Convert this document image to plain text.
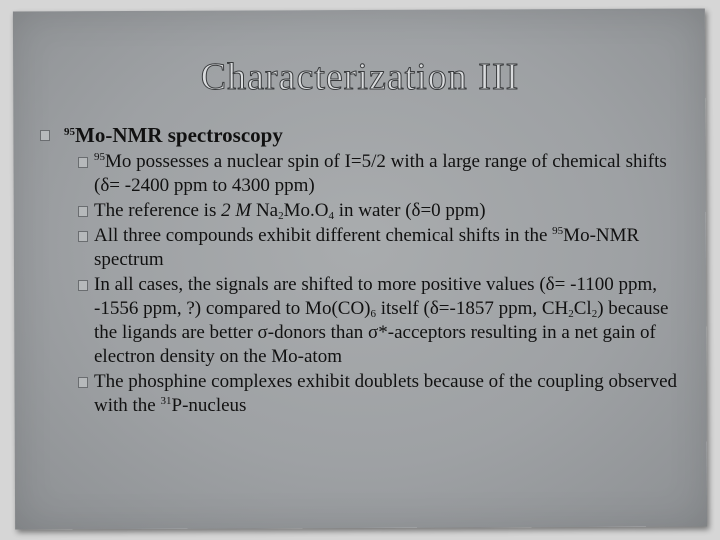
Characterization III
$^{95}$Mo-NMR spectroscopy
$^{95}$Mo possesses a nuclear spin of I=5/2 with a large range of chemical shifts (δ= -2400 ppm to 4300 ppm)
The reference is 2 M $Na_2Mo.O_4$ in water (δ=0 ppm)
All three compounds exhibit different chemical shifts in the $^{95}$Mo-NMR spectrum
In all cases, the signals are shifted to more positive values (δ= -1100 ppm, -1556 ppm, ?) compared to $Mo(CO)_6$ itself (δ=-1857 ppm, $CH_2Cl_2$) because the ligands are better σ-donors than σ*-acceptors resulting in a net gain of electron density on the Mo-atom
The phosphine complexes exhibit doublets because of the coupling observed with the $^{31}$P-nucleus
